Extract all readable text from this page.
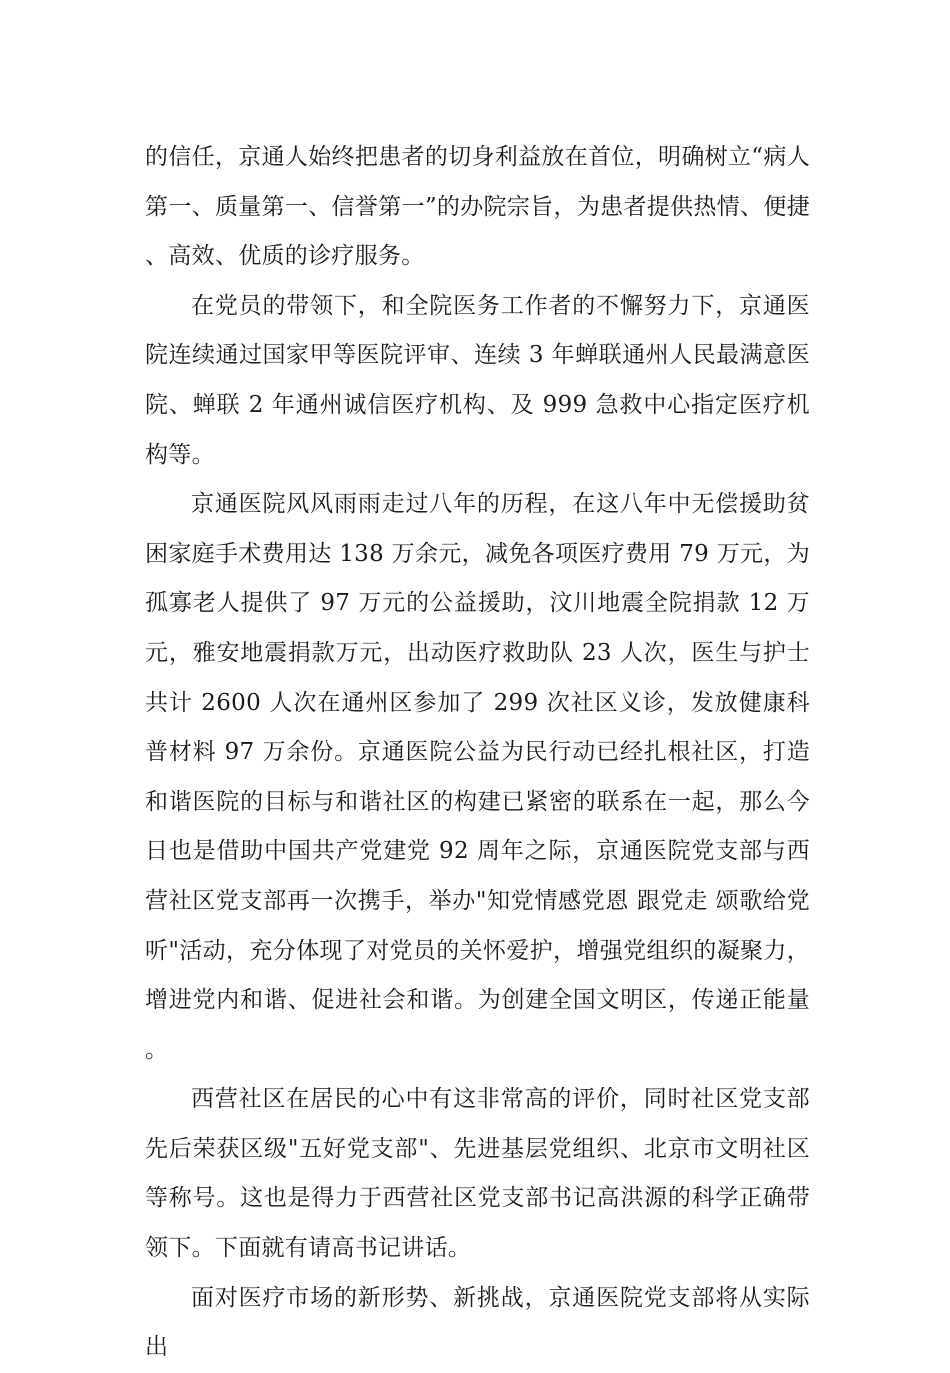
的信任，京通人始终把患者的切身利益放在首位，明确树立“病人第一、质量第一、信誉第一”的办院宗旨，为患者提供热情、便捷、高效、优质的诊疗服务。

在党员的带领下，和全院医务工作者的不懈努力下，京通医院连续通过国家甲等医院评审、连续 3 年蝉联通州人民最满意医院、蝉联 2 年通州诚信医疗机构、及 999 急救中心指定医疗机构等。

京通医院风风雨雨走过八年的历程，在这八年中无偿援助贫困家庭手术费用达 138 万余元，减免各项医疗费用 79 万元，为孤寡老人提供了 97 万元的公益援助，汶川地震全院捐款 12 万元，雅安地震捐款万元，出动医疗救助队 23 人次，医生与护士共计 2600 人次在通州区参加了 299 次社区义诊，发放健康科普材料 97 万余份。京通医院公益为民行动已经扎根社区，打造和谐医院的目标与和谐社区的构建已紧密的联系在一起，那么今日也是借助中国共产党建党 92 周年之际，京通医院党支部与西营社区党支部再一次携手，举办"知党情感党恩 跟党走 颂歌给党听"活动，充分体现了对党员的关怀爱护，增强党组织的凝聚力，增进党内和谐、促进社会和谐。为创建全国文明区，传递正能量。

西营社区在居民的心中有这非常高的评价，同时社区党支部先后荣获区级"五好党支部"、先进基层党组织、北京市文明社区等称号。这也是得力于西营社区党支部书记高洪源的科学正确带领下。下面就有请高书记讲话。

面对医疗市场的新形势、新挑战，京通医院党支部将从实际出
